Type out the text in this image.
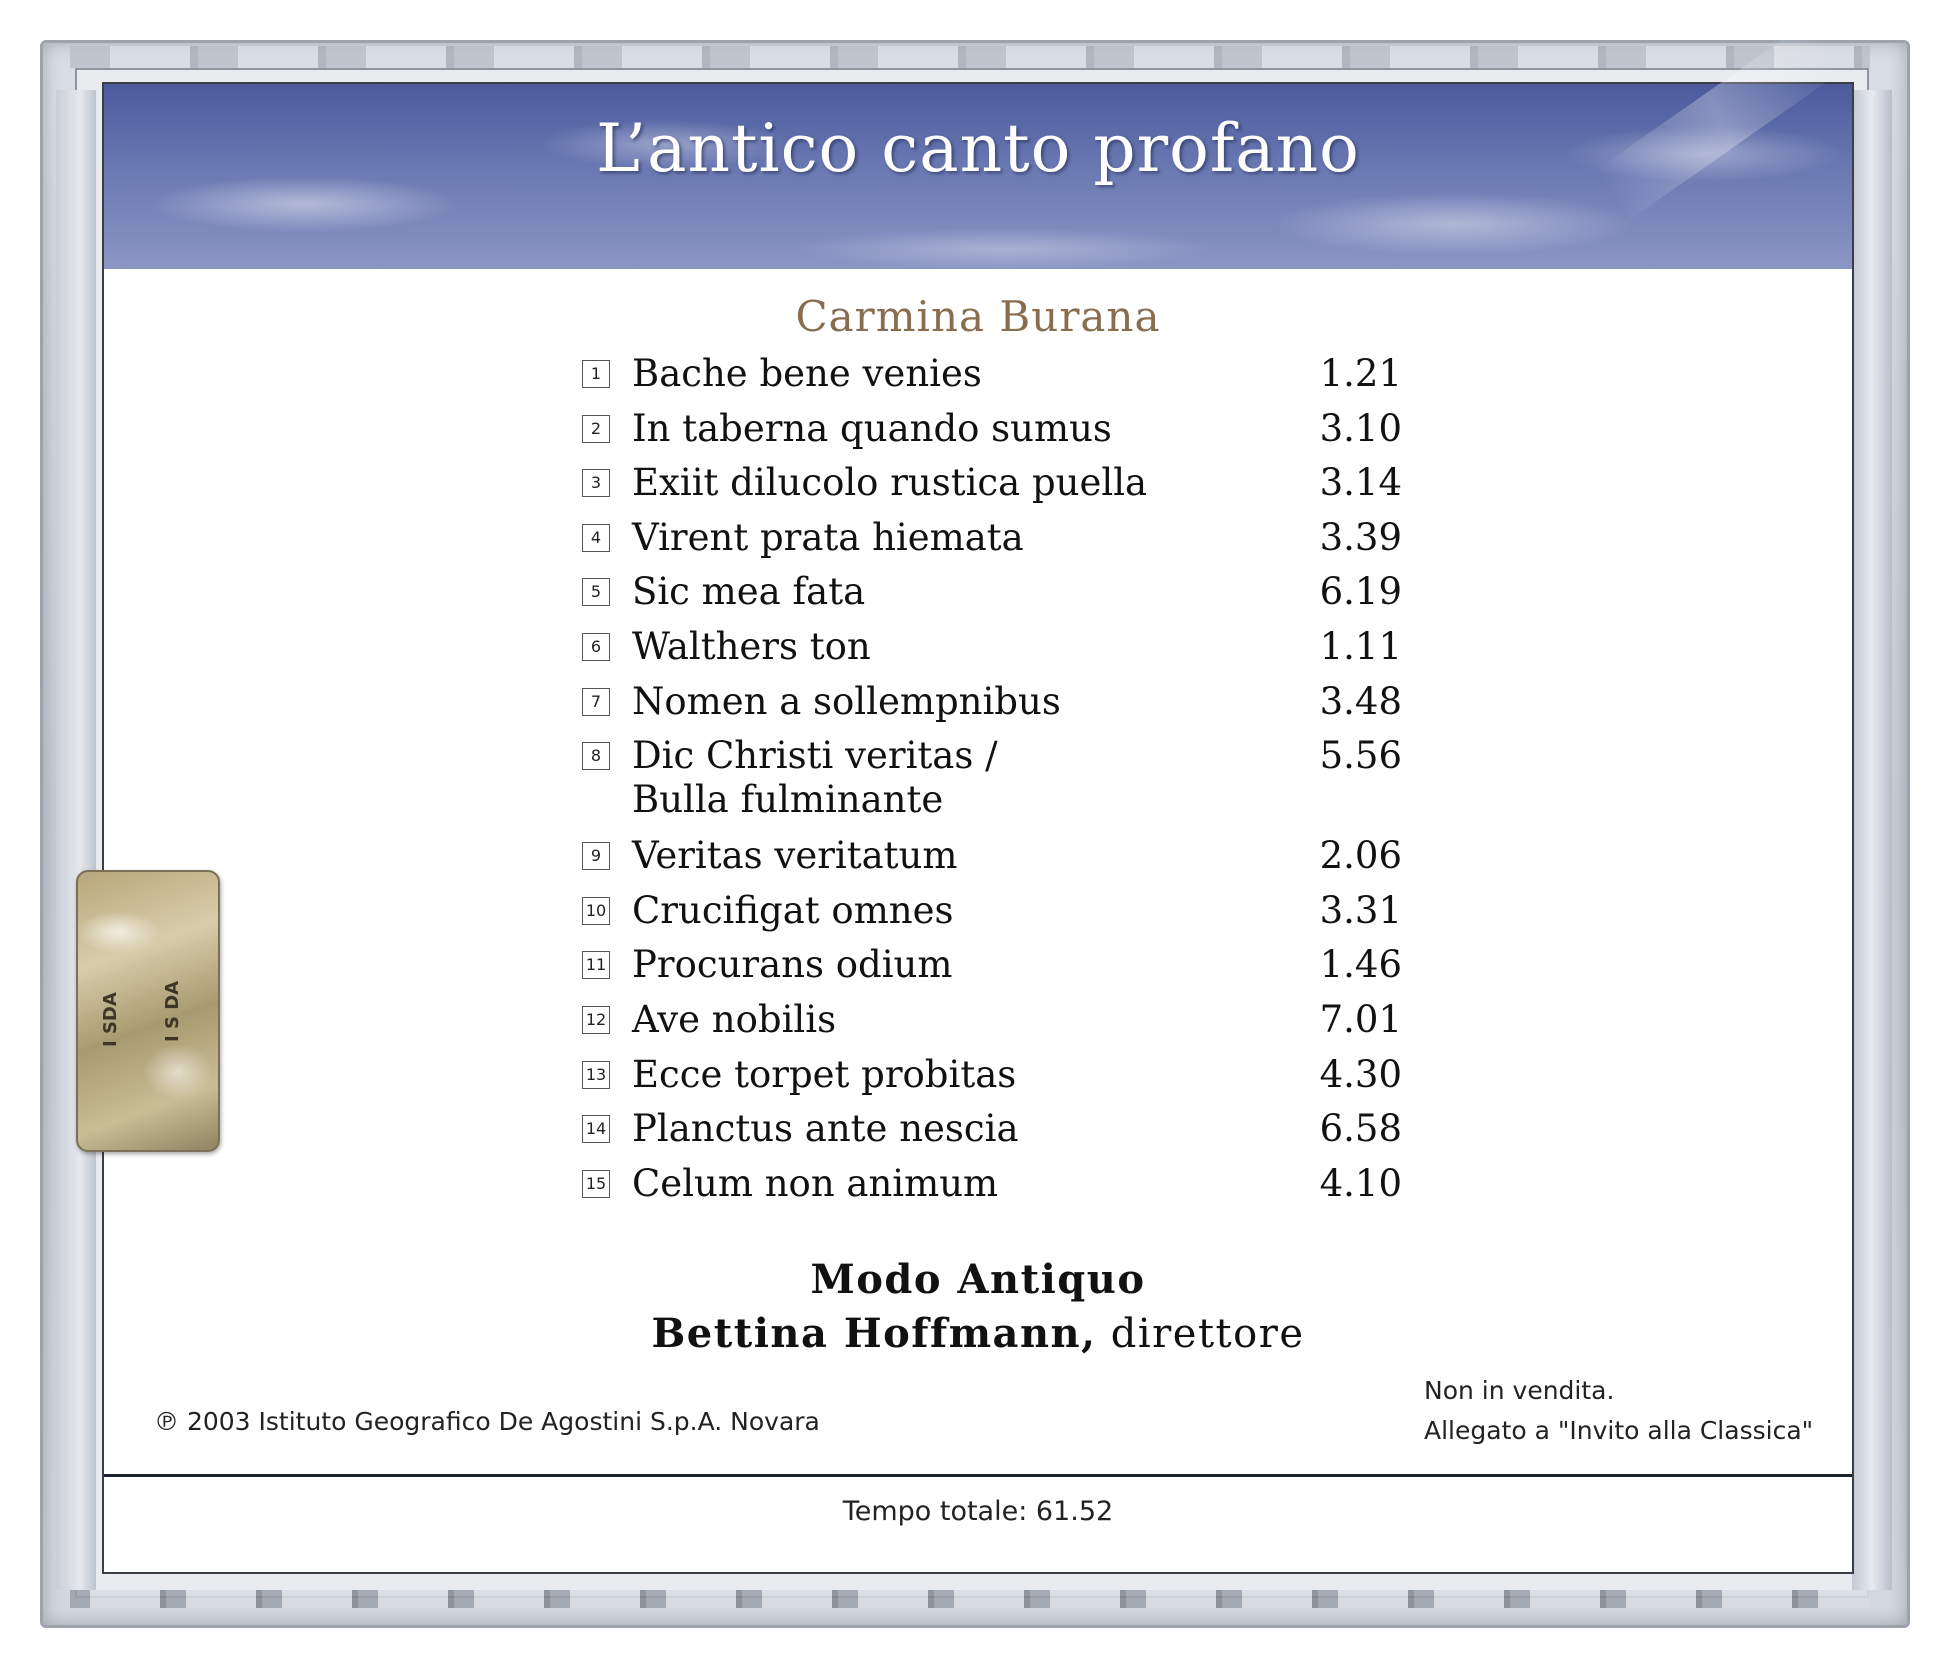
L’antico canto profano
Carmina Burana
1 Bache bene venies	1.21
2 In taberna quando sumus	3.10
3 Exiit dilucolo rustica puella	3.14
4 Virent prata hiemata	3.39
5 Sic mea fata	6.19
6 Walthers ton	1.11
7 Nomen a sollempnibus	3.48
8 Dic Christi veritas /
Bulla fulminante
5.56
9 Veritas veritatum	2.06
10 Crucifigat omnes	3.31
11 Procurans odium	1.46
12 Ave nobilis	7.01
13 Ecce torpet probitas	4.30
14 Planctus ante nescia	6.58
15 Celum non animum	4.10
Modo Antiquo
Bettina Hoffmann, direttore
℗ 2003 Istituto Geografico De Agostini S.p.A. Novara
Non in vendita.
Allegato a "Invito alla Classica"
Tempo totale: 61.52
I SDA I S DA
